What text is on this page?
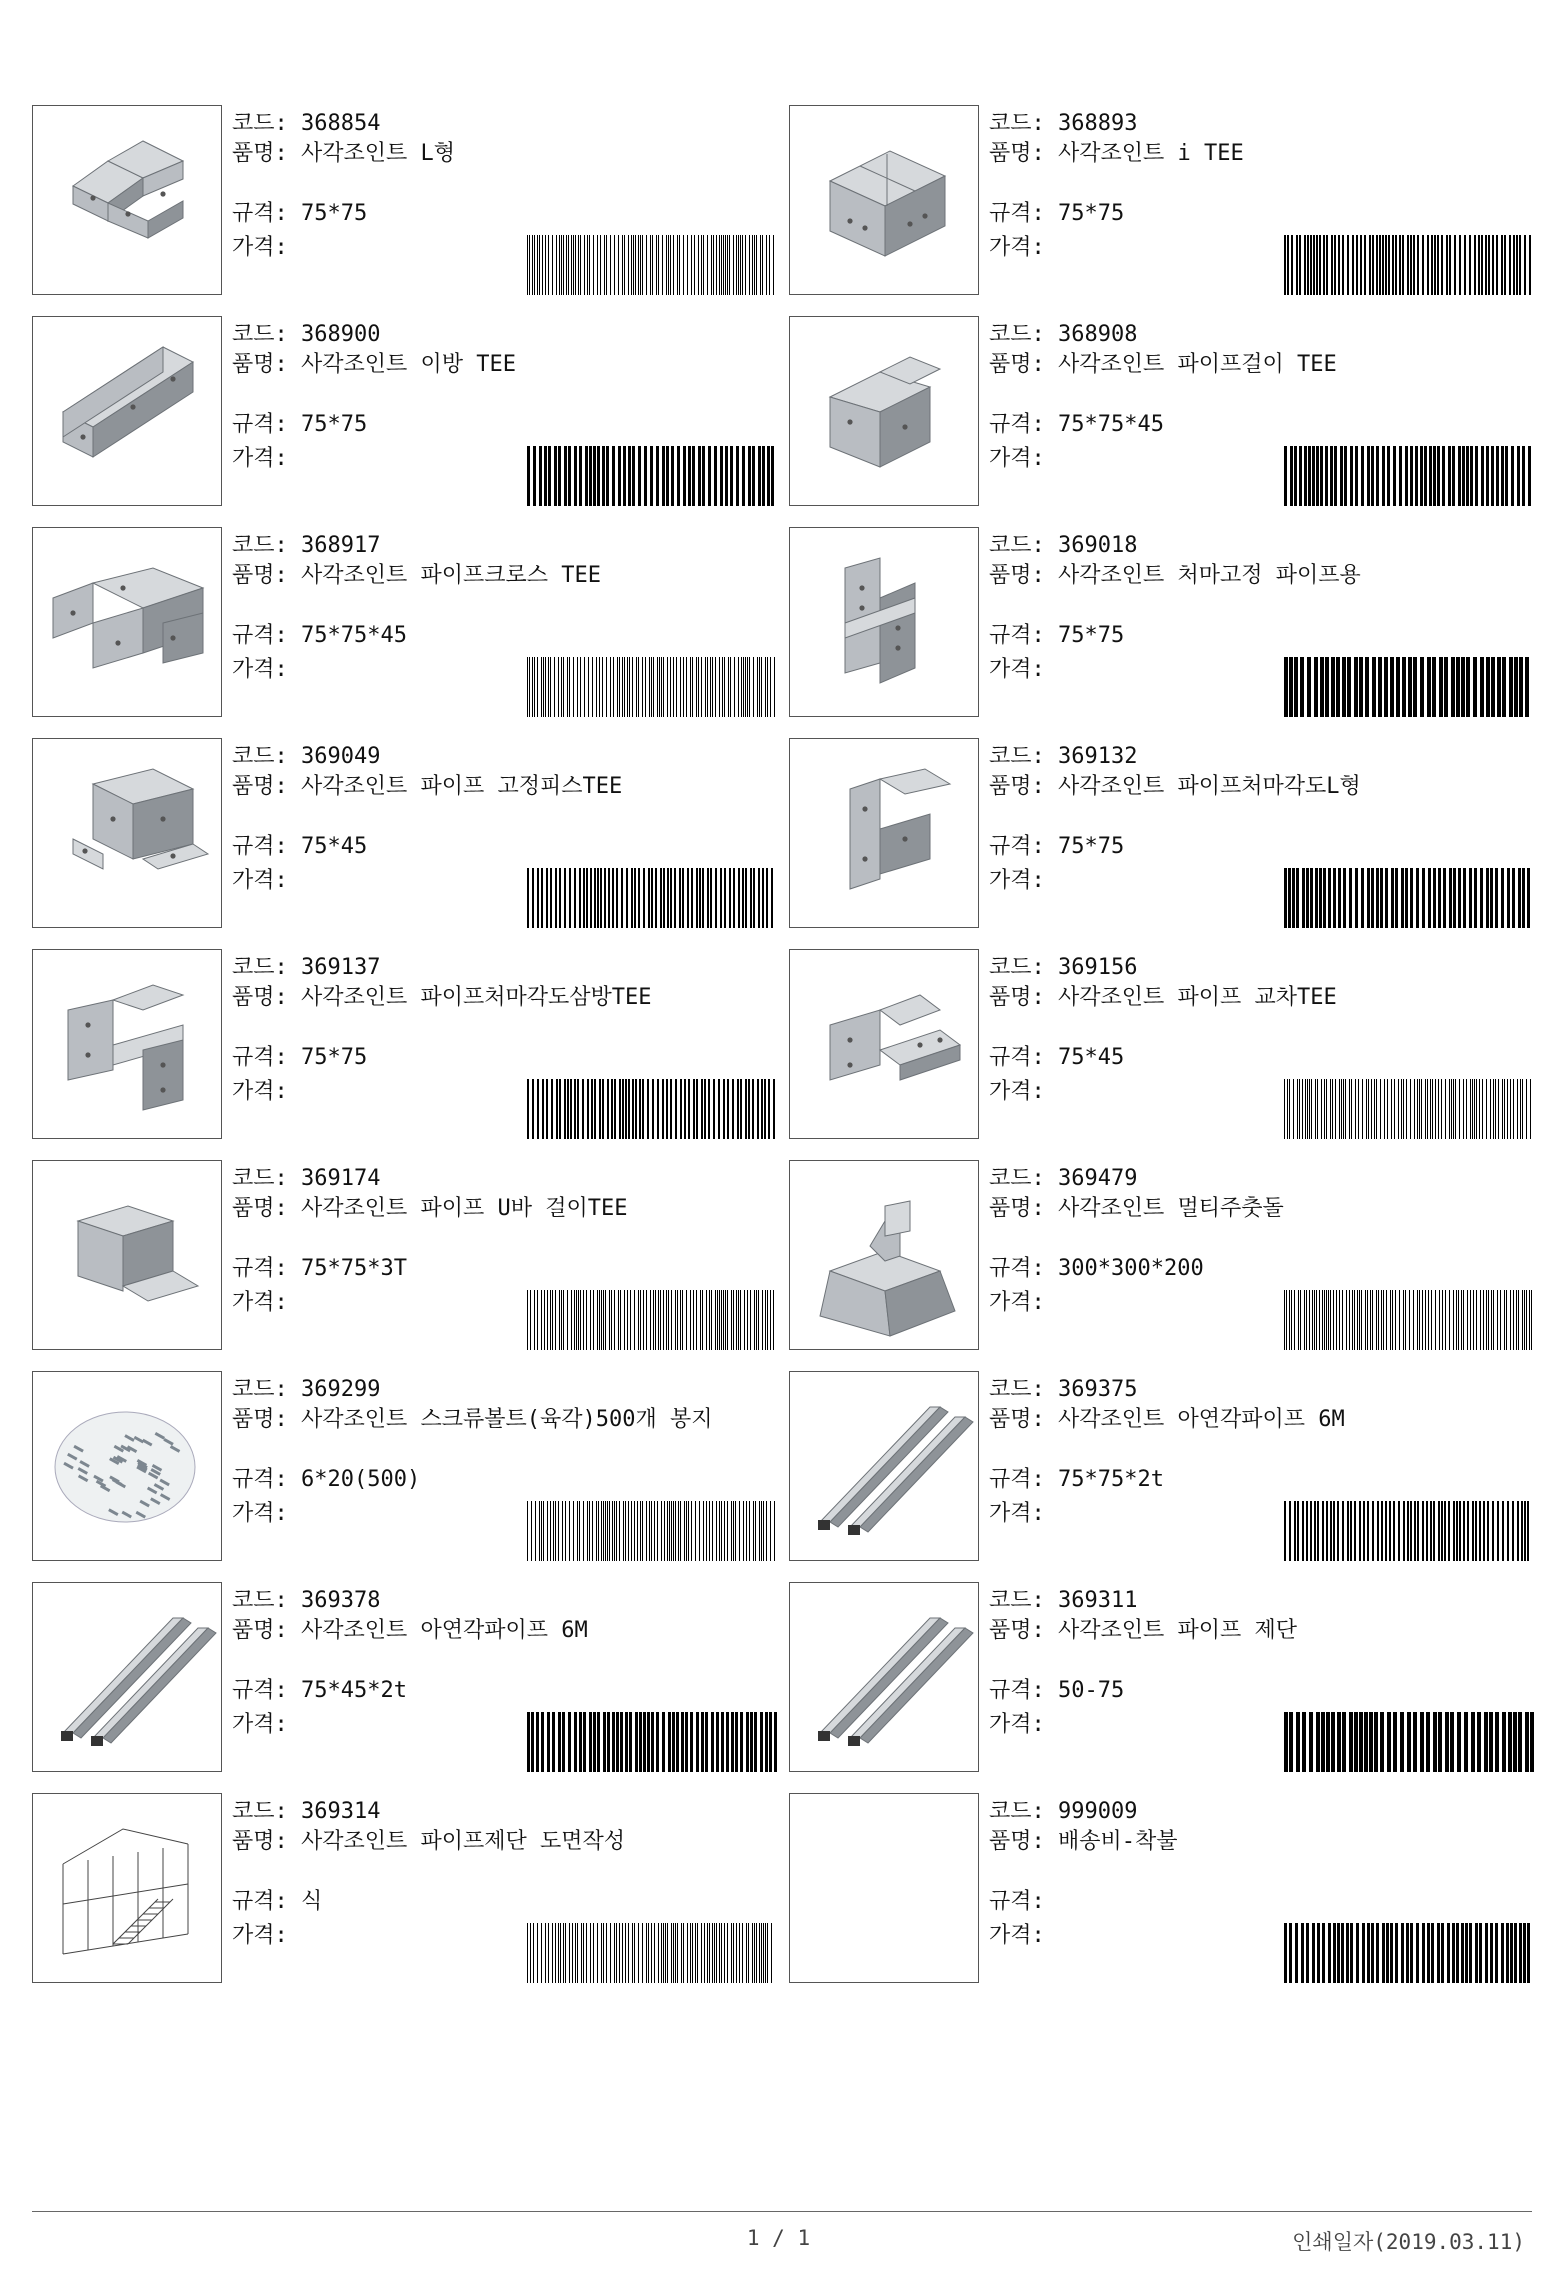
코드: 368854
품명: 사각조인트 L형
규격: 75*75
가격:
코드: 368893
품명: 사각조인트 i TEE
규격: 75*75
가격:
코드: 368900
품명: 사각조인트 이방 TEE
규격: 75*75
가격:
코드: 368908
품명: 사각조인트 파이프걸이 TEE
규격: 75*75*45
가격:
코드: 368917
품명: 사각조인트 파이프크로스 TEE
규격: 75*75*45
가격:
코드: 369018
품명: 사각조인트 처마고정 파이프용
규격: 75*75
가격:
코드: 369049
품명: 사각조인트 파이프 고정피스TEE
규격: 75*45
가격:
코드: 369132
품명: 사각조인트 파이프처마각도L형
규격: 75*75
가격:
코드: 369137
품명: 사각조인트 파이프처마각도삼방TEE
규격: 75*75
가격:
코드: 369156
품명: 사각조인트 파이프 교차TEE
규격: 75*45
가격:
코드: 369174
품명: 사각조인트 파이프 U바 걸이TEE
규격: 75*75*3T
가격:
코드: 369479
품명: 사각조인트 멀티주춧돌
규격: 300*300*200
가격:
코드: 369299
품명: 사각조인트 스크류볼트(육각)500개 봉지
규격: 6*20(500)
가격:
코드: 369375
품명: 사각조인트 아연각파이프 6M
규격: 75*75*2t
가격:
코드: 369378
품명: 사각조인트 아연각파이프 6M
규격: 75*45*2t
가격:
코드: 369311
품명: 사각조인트 파이프 제단
규격: 50-75
가격:
코드: 369314
품명: 사각조인트 파이프제단 도면작성
규격: 식
가격:
코드: 999009
품명: 배송비-착불
규격:
가격:
1 / 1	인쇄일자(2019.03.11)
